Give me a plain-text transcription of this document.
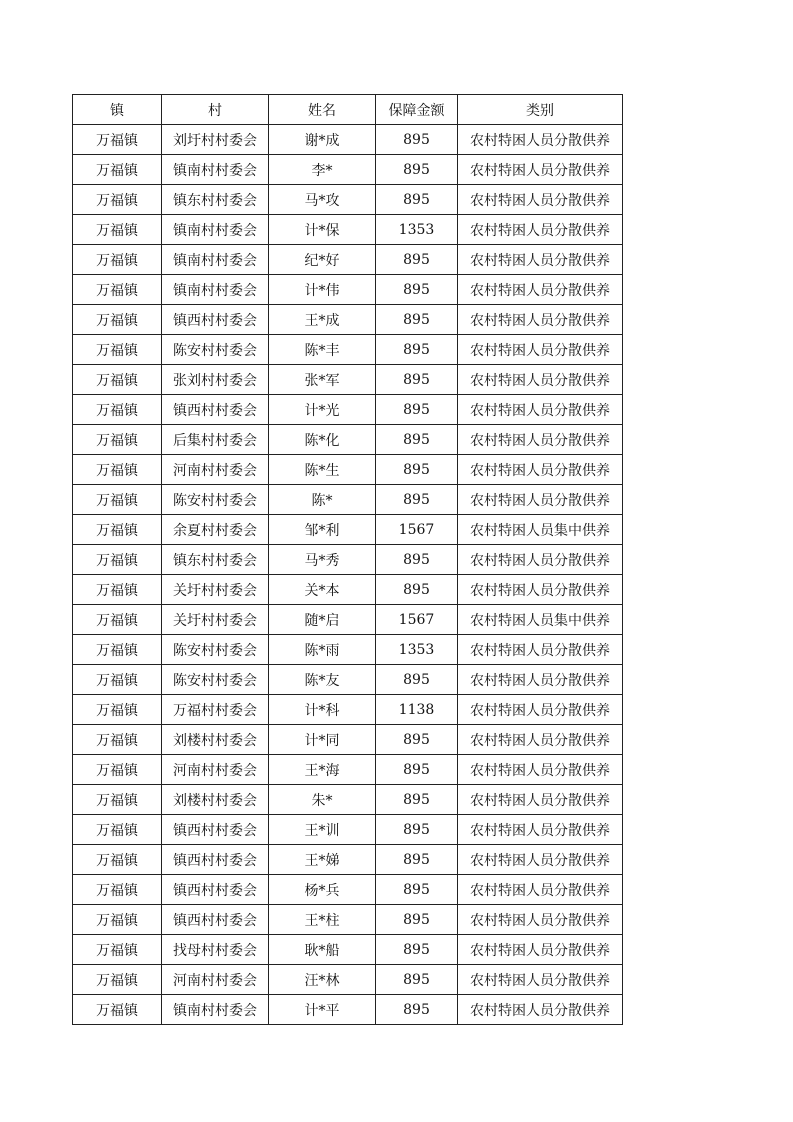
镇	村	姓名	保障金额	类别
万福镇	刘圩村村委会	谢*成	895	农村特困人员分散供养
万福镇	镇南村村委会	李*	895	农村特困人员分散供养
万福镇	镇东村村委会	马*攻	895	农村特困人员分散供养
万福镇	镇南村村委会	计*保	1353	农村特困人员分散供养
万福镇	镇南村村委会	纪*好	895	农村特困人员分散供养
万福镇	镇南村村委会	计*伟	895	农村特困人员分散供养
万福镇	镇西村村委会	王*成	895	农村特困人员分散供养
万福镇	陈安村村委会	陈*丰	895	农村特困人员分散供养
万福镇	张刘村村委会	张*军	895	农村特困人员分散供养
万福镇	镇西村村委会	计*光	895	农村特困人员分散供养
万福镇	后集村村委会	陈*化	895	农村特困人员分散供养
万福镇	河南村村委会	陈*生	895	农村特困人员分散供养
万福镇	陈安村村委会	陈*	895	农村特困人员分散供养
万福镇	余夏村村委会	邹*利	1567	农村特困人员集中供养
万福镇	镇东村村委会	马*秀	895	农村特困人员分散供养
万福镇	关圩村村委会	关*本	895	农村特困人员分散供养
万福镇	关圩村村委会	随*启	1567	农村特困人员集中供养
万福镇	陈安村村委会	陈*雨	1353	农村特困人员分散供养
万福镇	陈安村村委会	陈*友	895	农村特困人员分散供养
万福镇	万福村村委会	计*科	1138	农村特困人员分散供养
万福镇	刘楼村村委会	计*同	895	农村特困人员分散供养
万福镇	河南村村委会	王*海	895	农村特困人员分散供养
万福镇	刘楼村村委会	朱*	895	农村特困人员分散供养
万福镇	镇西村村委会	王*训	895	农村特困人员分散供养
万福镇	镇西村村委会	王*娣	895	农村特困人员分散供养
万福镇	镇西村村委会	杨*兵	895	农村特困人员分散供养
万福镇	镇西村村委会	王*柱	895	农村特困人员分散供养
万福镇	找母村村委会	耿*船	895	农村特困人员分散供养
万福镇	河南村村委会	汪*林	895	农村特困人员分散供养
万福镇	镇南村村委会	计*平	895	农村特困人员分散供养
